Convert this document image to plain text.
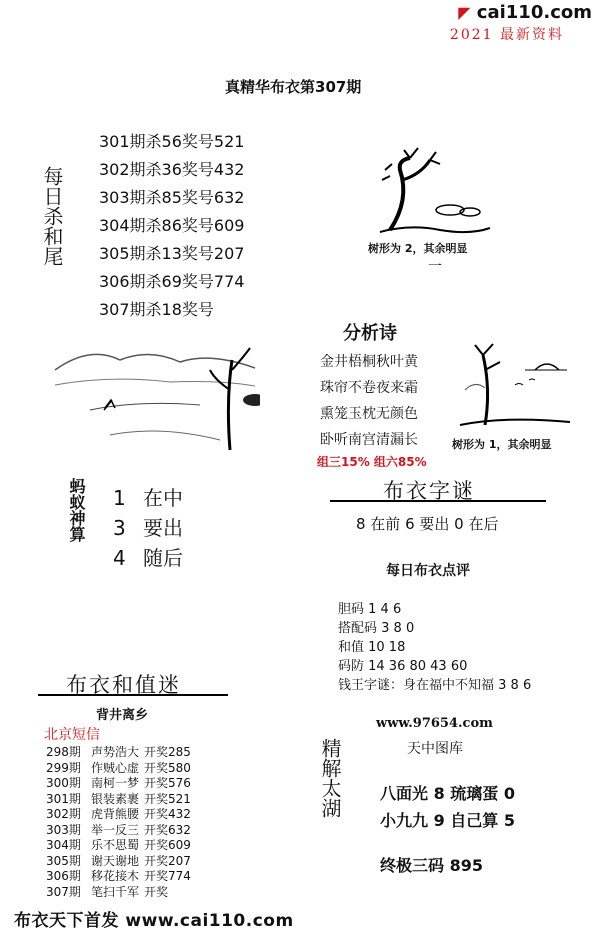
◤ cai110.com
2021 最新资料
真精华布衣第307期
每日杀和尾
301期杀56奖号521
302期杀36奖号432
303期杀85奖号632
304期杀86奖号609
305期杀13奖号207
306期杀69奖号774
307期杀18奖号
树形为 2，其余明显
一
分析诗
金井梧桐秋叶黄
珠帘不卷夜来霜
熏笼玉枕无颜色
卧听南宫清漏长
组三15% 组六85%
树形为 1，其余明显
蚂蚁神算 1 在中
3 要出
4 随后
布衣字谜
8 在前 6 要出 0 在后
每日布衣点评
胆码 1 4 6
搭配码 3 8 0
和值 10 18
码防 14 36 80 43 60
钱王字谜：身在福中不知福 3 8 6
布衣和值迷
背井离乡
北京短信
298期 声势浩大 开奖285
299期 作贼心虚 开奖580
300期 南柯一梦 开奖576
301期 银装素裹 开奖521
302期 虎背熊腰 开奖432
303期 举一反三 开奖632
304期 乐不思蜀 开奖609
305期 谢天谢地 开奖207
306期 移花接木 开奖774
307期 笔扫千军 开奖
www.97654.com
天中图库
精解太湖 八面光 8 琉璃蛋 0
小九九 9 自己算 5
终极三码 895
布衣天下首发 www.cai110.com
